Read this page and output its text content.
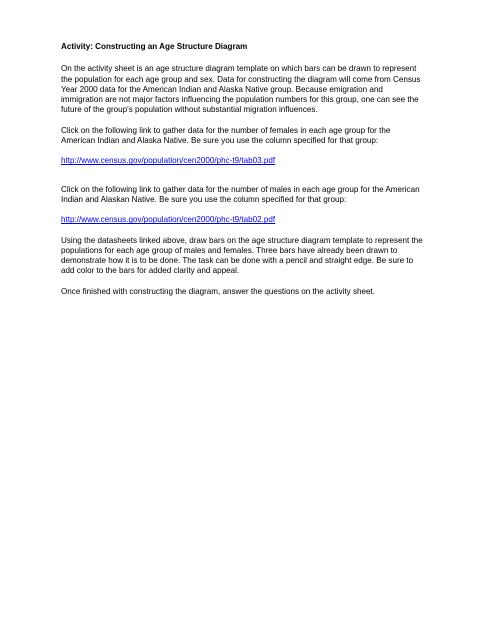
Activity: Constructing an Age Structure Diagram

On the activity sheet is an age structure diagram template on which bars can be drawn to represent the population for each age group and sex. Data for constructing the diagram will come from Census Year 2000 data for the American Indian and Alaska Native group. Because emigration and immigration are not major factors influencing the population numbers for this group, one can see the future of the group's population without substantial migration influences.

Click on the following link to gather data for the number of females in each age group for the American Indian and Alaska Native. Be sure you use the column specified for that group:

http://www.census.gov/population/cen2000/phc-t9/tab03.pdf

Click on the following link to gather data for the number of males in each age group for the American Indian and Alaskan Native. Be sure you use the column specified for that group:

http://www.census.gov/population/cen2000/phc-t9/tab02.pdf

Using the datasheets linked above, draw bars on the age structure diagram template to represent the populations for each age group of males and females. Three bars have already been drawn to demonstrate how it is to be done. The task can be done with a pencil and straight edge. Be sure to add color to the bars for added clarity and appeal.

Once finished with constructing the diagram, answer the questions on the activity sheet.
